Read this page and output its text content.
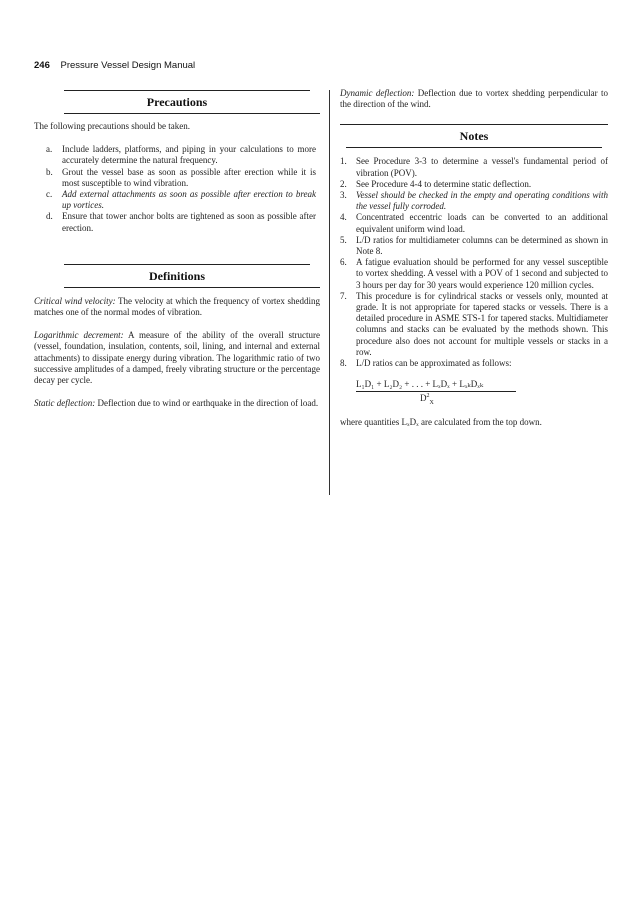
246 Pressure Vessel Design Manual
Precautions

The following precautions should be taken.

a. Include ladders, platforms, and piping in your calculations to more accurately determine the natural frequency.
b. Grout the vessel base as soon as possible after erection while it is most susceptible to wind vibration.
c. Add external attachments as soon as possible after erection to break up vortices.
d. Ensure that tower anchor bolts are tightened as soon as possible after erection.
Definitions

Critical wind velocity: The velocity at which the frequency of vortex shedding matches one of the normal modes of vibration.

Logarithmic decrement: A measure of the ability of the overall structure (vessel, foundation, insulation, contents, soil, lining, and internal and external attachments) to dissipate energy during vibration. The logarithmic ratio of two successive amplitudes of a damped, freely vibrating structure or the percentage decay per cycle.

Static deflection: Deflection due to wind or earthquake in the direction of load.

Dynamic deflection: Deflection due to vortex shedding perpendicular to the direction of the wind.

Notes
1. See Procedure 3-3 to determine a vessel's fundamental period of vibration (POV).
2. See Procedure 4-4 to determine static deflection.
3. Vessel should be checked in the empty and operating conditions with the vessel fully corroded.
4. Concentrated eccentric loads can be converted to an additional equivalent uniform wind load.
5. L/D ratios for multidiameter columns can be determined as shown in Note 8.
6. A fatigue evaluation should be performed for any vessel susceptible to vortex shedding. A vessel with a POV of 1 second and subjected to 3 hours per day for 30 years would experience 120 million cycles.
7. This procedure is for cylindrical stacks or vessels only, mounted at grade. It is not appropriate for tapered stacks or vessels. There is a detailed procedure in ASME STS-1 for tapered stacks. Multidiameter columns and stacks can be evaluated by the methods shown. This procedure also does not account for multiple vessels or stacks in a row.
8. L/D ratios can be approximated as follows:
L₁D₁ + L₂D₂ + . . . + LₓDₓ + LₓₖDₓₖ
$D^2_X$

where quantities LₓDₓ are calculated from the top down.
